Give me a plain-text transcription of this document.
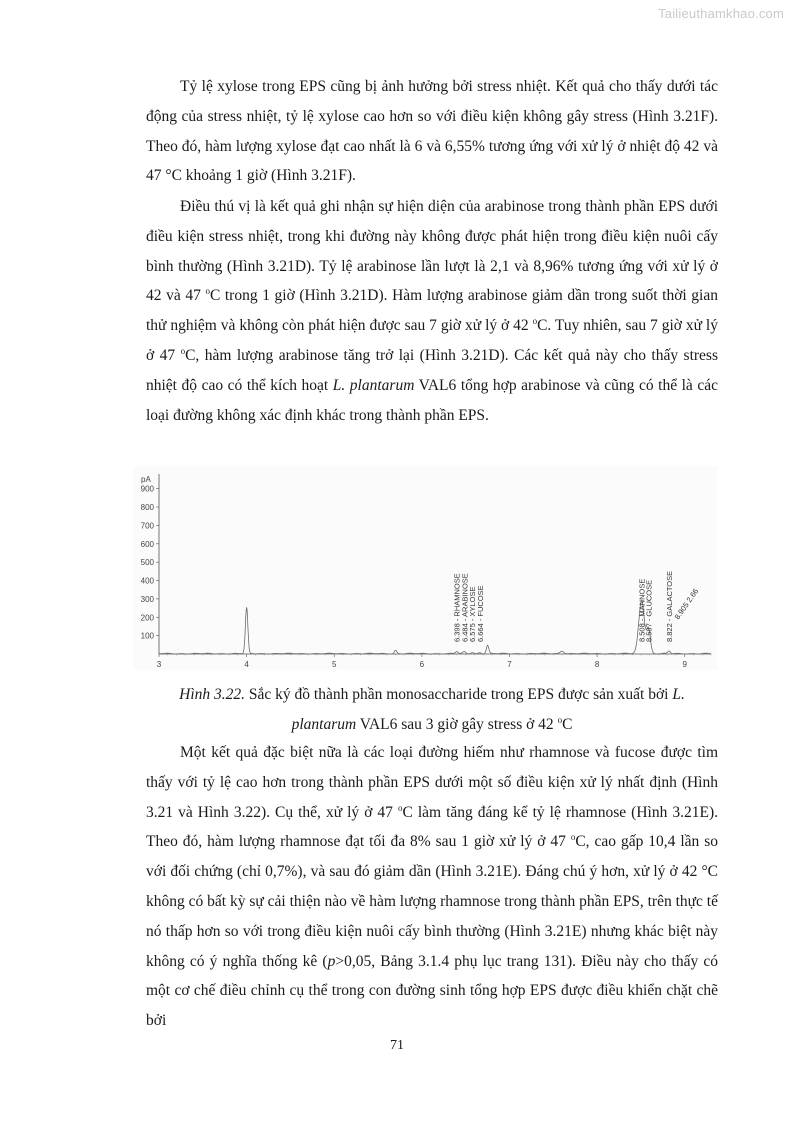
Tailieuthamkhao.com

Tỷ lệ xylose trong EPS cũng bị ảnh hưởng bởi stress nhiệt. Kết quả cho thấy dưới tác động của stress nhiệt, tỷ lệ xylose cao hơn so với điều kiện không gây stress (Hình 3.21F). Theo đó, hàm lượng xylose đạt cao nhất là 6 và 6,55% tương ứng với xử lý ở nhiệt độ 42 và 47 °C khoảng 1 giờ (Hình 3.21F).

Điều thú vị là kết quả ghi nhận sự hiện diện của arabinose trong thành phần EPS dưới điều kiện stress nhiệt, trong khi đường này không được phát hiện trong điều kiện nuôi cấy bình thường (Hình 3.21D). Tỷ lệ arabinose lần lượt là 2,1 và 8,96% tương ứng với xử lý ở 42 và 47 $^o$C trong 1 giờ (Hình 3.21D). Hàm lượng arabinose giảm dần trong suốt thời gian thử nghiệm và không còn phát hiện được sau 7 giờ xử lý ở 42 $^o$C. Tuy nhiên, sau 7 giờ xử lý ở 47 $^o$C, hàm lượng arabinose tăng trở lại (Hình 3.21D). Các kết quả này cho thấy stress nhiệt độ cao có thể kích hoạt L. plantarum VAL6 tổng hợp arabinose và cũng có thể là các loại đường không xác định khác trong thành phần EPS.

pA
100
200
300
400
500
600
700
800
900
3	4	5	6	7	8	9
6.398 - RHAMNOSE
6.484 - ARABINOSE
6.575 - XYLOSE
6.664 - FUCOSE	8.508 - MANNOSE
8.587 - GLUCOSE 8.822 - GALACTOSE
8.905 2.66

Hình 3.22. Sắc ký đồ thành phần monosaccharide trong EPS được sản xuất bởi L. plantarum VAL6 sau 3 giờ gây stress ở 42 $^o$C

Một kết quả đặc biệt nữa là các loại đường hiếm như rhamnose và fucose được tìm thấy với tỷ lệ cao hơn trong thành phần EPS dưới một số điều kiện xử lý nhất định (Hình 3.21 và Hình 3.22). Cụ thể, xử lý ở 47 $^o$C làm tăng đáng kể tỷ lệ rhamnose (Hình 3.21E). Theo đó, hàm lượng rhamnose đạt tối đa 8% sau 1 giờ xử lý ở 47 $^o$C, cao gấp 10,4 lần so với đối chứng (chỉ 0,7%), và sau đó giảm dần (Hình 3.21E). Đáng chú ý hơn, xử lý ở 42 °C không có bất kỳ sự cải thiện nào về hàm lượng rhamnose trong thành phần EPS, trên thực tế nó thấp hơn so với trong điều kiện nuôi cấy bình thường (Hình 3.21E) nhưng khác biệt này không có ý nghĩa thống kê (p>0,05, Bảng 3.1.4 phụ lục trang 131). Điều này cho thấy có một cơ chế điều chỉnh cụ thể trong con đường sinh tổng hợp EPS được điều khiển chặt chẽ bởi

71
